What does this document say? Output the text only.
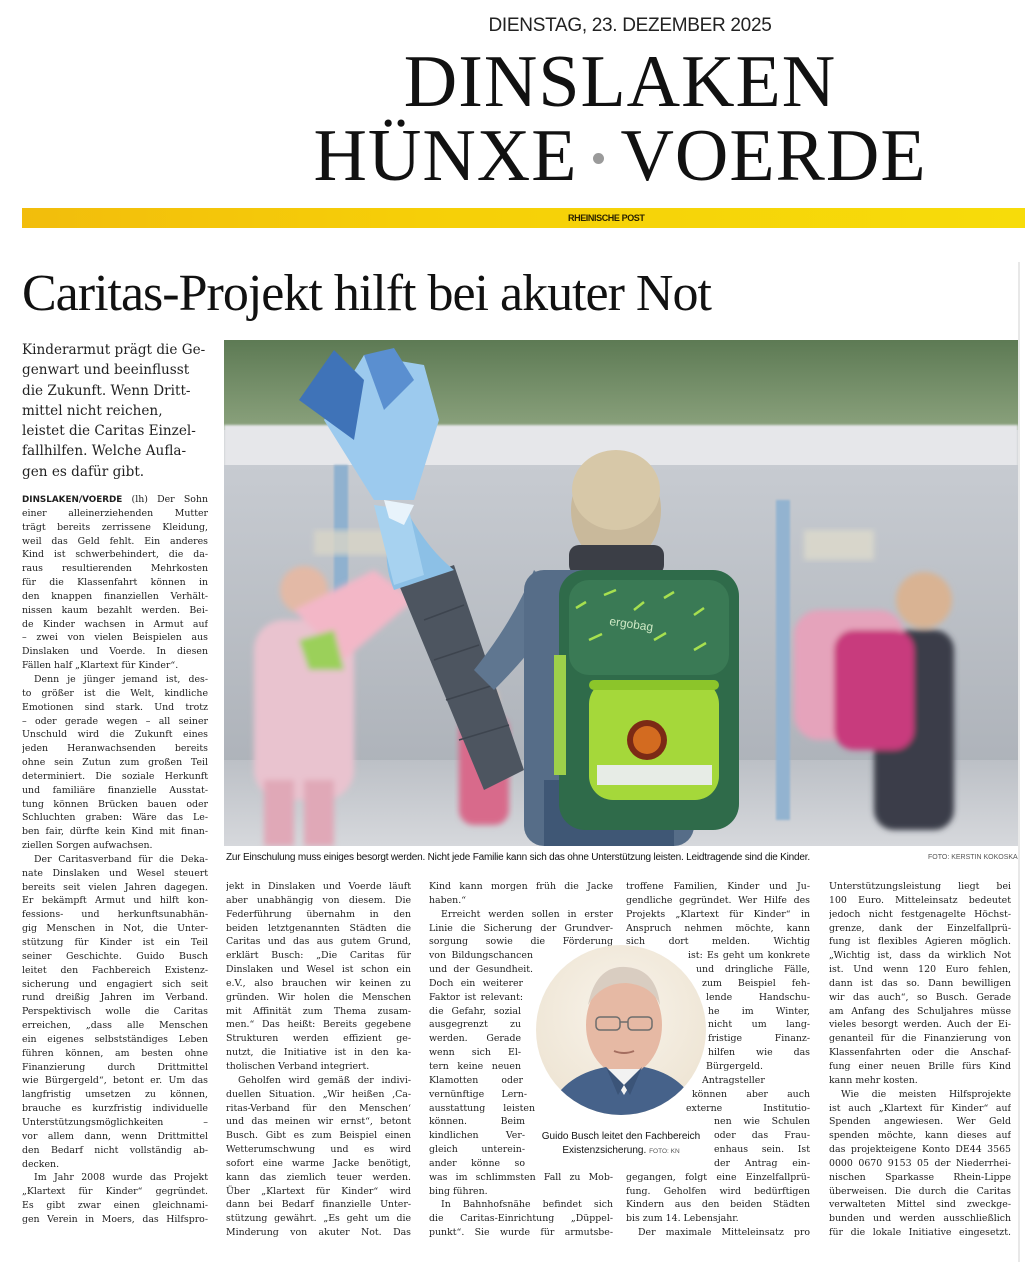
DIENSTAG, 23. DEZEMBER 2025
DINSLAKEN
HÜNXE VOERDE
RHEINISCHE POST
Caritas-Projekt hilft bei akuter Not
Kinderarmut prägt die Ge-
genwart und beeinflusst
die Zukunft. Wenn Dritt-
mittel nicht reichen,
leistet die Caritas Einzel-
fallhilfen. Welche Aufla-
gen es dafür gibt.
ergobag
Zur Einschulung muss einiges besorgt werden. Nicht jede Familie kann sich das ohne Unterstützung leisten. Leidtragende sind die Kinder.	FOTO: KERSTIN KOKOSKA
DINSLAKEN/VOERDE (lh) Der Sohn
einer alleinerziehenden Mutter
trägt bereits zerrissene Kleidung,
weil das Geld fehlt. Ein anderes
Kind ist schwerbehindert, die da-
raus resultierenden Mehrkosten
für die Klassenfahrt können in
den knappen finanziellen Verhält-
nissen kaum bezahlt werden. Bei-
de Kinder wachsen in Armut auf
– zwei von vielen Beispielen aus
Dinslaken und Voerde. In diesen
Fällen half „Klartext für Kinder“.
Denn je jünger jemand ist, des-
to größer ist die Welt, kindliche
Emotionen sind stark. Und trotz
– oder gerade wegen – all seiner
Unschuld wird die Zukunft eines
jeden Heranwachsenden bereits
ohne sein Zutun zum großen Teil
determiniert. Die soziale Herkunft
und familiäre finanzielle Ausstat-
tung können Brücken bauen oder
Schluchten graben: Wäre das Le-
ben fair, dürfte kein Kind mit finan-
ziellen Sorgen aufwachsen.
Der Caritasverband für die Deka-
nate Dinslaken und Wesel steuert
bereits seit vielen Jahren dagegen.
Er bekämpft Armut und hilft kon-
fessions- und herkunftsunabhän-
gig Menschen in Not, die Unter-
stützung für Kinder ist ein Teil
seiner Geschichte. Guido Busch
leitet den Fachbereich Existenz-
sicherung und engagiert sich seit
rund dreißig Jahren im Verband.
Perspektivisch wolle die Caritas
erreichen, „dass alle Menschen
ein eigenes selbstständiges Leben
führen können, am besten ohne
Finanzierung durch Drittmittel
wie Bürgergeld“, betont er. Um das
langfristig umsetzen zu können,
brauche es kurzfristig individuelle
Unterstützungsmöglichkeiten –
vor allem dann, wenn Drittmittel
den Bedarf nicht vollständig ab-
decken.
Im Jahr 2008 wurde das Projekt
„Klartext für Kinder“ gegründet.
Es gibt zwar einen gleichnami-
gen Verein in Moers, das Hilfspro-
jekt in Dinslaken und Voerde läuft
aber unabhängig von diesem. Die
Federführung übernahm in den
beiden letztgenannten Städten die
Caritas und das aus gutem Grund,
erklärt Busch: „Die Caritas für
Dinslaken und Wesel ist schon ein
e.V., also brauchen wir keinen zu
gründen. Wir holen die Menschen
mit Affinität zum Thema zusam-
men.“ Das heißt: Bereits gegebene
Strukturen werden effizient ge-
nutzt, die Initiative ist in den ka-
tholischen Verband integriert.
Geholfen wird gemäß der indivi-
duellen Situation. „Wir heißen ‚Ca-
ritas-Verband für den Menschen‘
und das meinen wir ernst“, betont
Busch. Gibt es zum Beispiel einen
Wetterumschwung und es wird
sofort eine warme Jacke benötigt,
kann das ziemlich teuer werden.
Über „Klartext für Kinder“ wird
dann bei Bedarf finanzielle Unter-
stützung gewährt. „Es geht um die
Minderung von akuter Not. Das
Kind kann morgen früh die Jacke
haben.“
Erreicht werden sollen in erster
Linie die Sicherung der Grundver-
sorgung sowie die Förderung
von Bildungschancen
und der Gesundheit.
Doch ein weiterer
Faktor ist relevant:
die Gefahr, sozial
ausgegrenzt zu
werden. Gerade
wenn sich El-
tern keine neuen
Klamotten oder
vernünftige Lern-
ausstattung leisten
können. Beim
kindlichen Ver-
gleich unterein-
ander könne so
was im schlimmsten Fall zu Mob-
bing führen.
In Bahnhofsnähe befindet sich
die Caritas-Einrichtung „Düppel-
punkt“. Sie wurde für armutsbe-
troffene Familien, Kinder und Ju-
gendliche gegründet. Wer Hilfe des
Projekts „Klartext für Kinder“ in
Anspruch nehmen möchte, kann
sich dort melden. Wichtig
ist: Es geht um konkrete
und dringliche Fälle,
zum Beispiel feh-
lende Handschu-
he im Winter,
nicht um lang-
fristige Finanz-
hilfen wie das
Bürgergeld.
Antragsteller
können aber auch
externe Institutio-
nen wie Schulen
oder das Frau-
enhaus sein. Ist
der Antrag ein-
gegangen, folgt eine Einzelfallprü-
fung. Geholfen wird bedürftigen
Kindern aus den beiden Städten
bis zum 14. Lebensjahr.
Der maximale Mitteleinsatz pro
Unterstützungsleistung liegt bei
100 Euro. Mitteleinsatz bedeutet
jedoch nicht festgenagelte Höchst-
grenze, dank der Einzelfallprü-
fung ist flexibles Agieren möglich.
„Wichtig ist, dass da wirklich Not
ist. Und wenn 120 Euro fehlen,
dann ist das so. Dann bewilligen
wir das auch“, so Busch. Gerade
am Anfang des Schuljahres müsse
vieles besorgt werden. Auch der Ei-
genanteil für die Finanzierung von
Klassenfahrten oder die Anschaf-
fung einer neuen Brille fürs Kind
kann mehr kosten.
Wie die meisten Hilfsprojekte
ist auch „Klartext für Kinder“ auf
Spenden angewiesen. Wer Geld
spenden möchte, kann dieses auf
das projekteigene Konto DE44 3565
0000 0670 9153 05 der Niederrhei-
nischen Sparkasse Rhein-Lippe
überweisen. Die durch die Caritas
verwalteten Mittel sind zweckge-
bunden und werden ausschließlich
für die lokale Initiative eingesetzt.
Guido Busch leitet den Fachbereich
Existenzsicherung. FOTO: KN
